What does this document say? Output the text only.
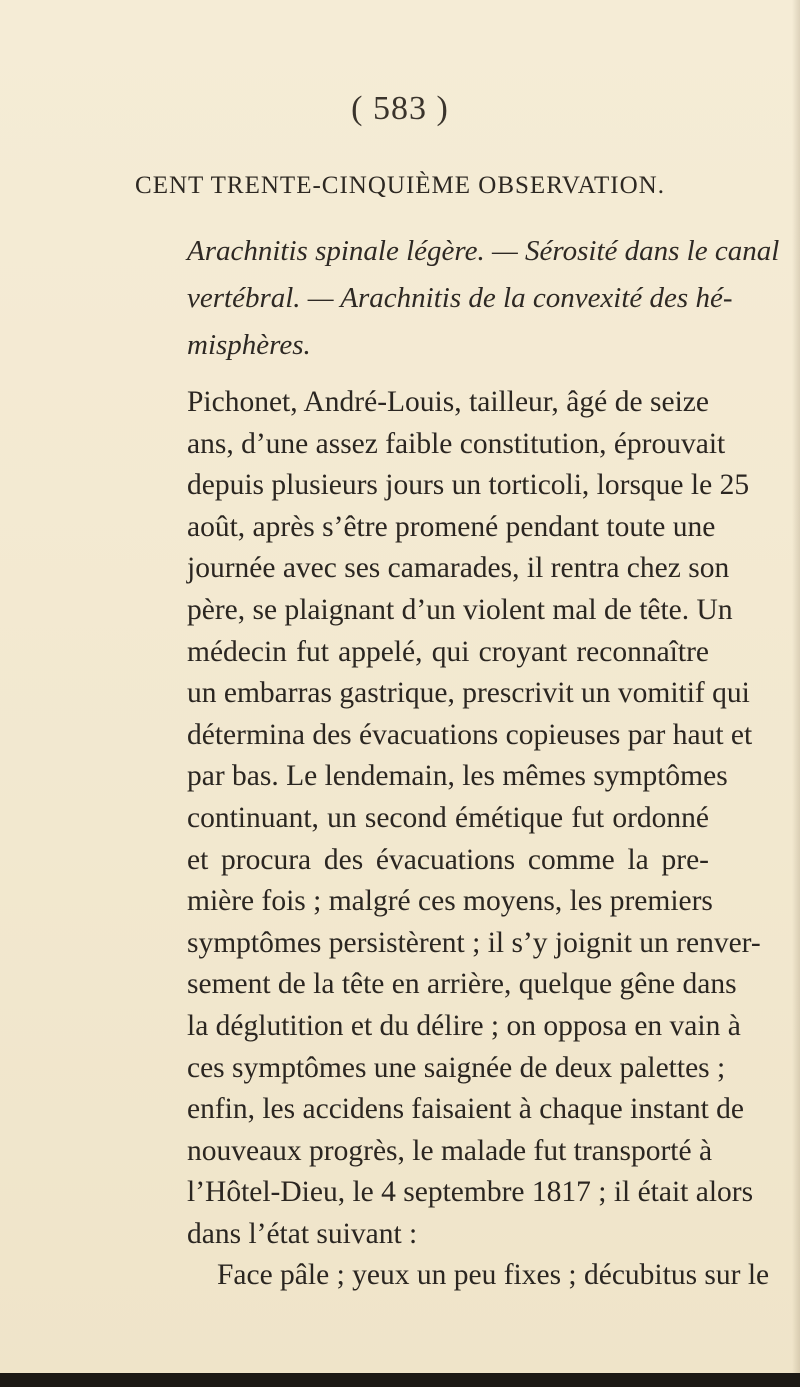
( 583 )
CENT TRENTE-CINQUIÈME OBSERVATION.
Arachnitis spinale légère. — Sérosité dans le canal
vertébral. — Arachnitis de la convexité des hé-
misphères.
Pichonet, André-Louis, tailleur, âgé de seize
ans, d’une assez faible constitution, éprouvait
depuis plusieurs jours un torticoli, lorsque le 25
août, après s’être promené pendant toute une
journée avec ses camarades, il rentra chez son
père, se plaignant d’un violent mal de tête. Un
médecin fut appelé, qui croyant reconnaître
un embarras gastrique, prescrivit un vomitif qui
détermina des évacuations copieuses par haut et
par bas. Le lendemain, les mêmes symptômes
continuant, un second émétique fut ordonné
et procura des évacuations comme la pre-
mière fois ; malgré ces moyens, les premiers
symptômes persistèrent ; il s’y joignit un renver-
sement de la tête en arrière, quelque gêne dans
la déglutition et du délire ; on opposa en vain à
ces symptômes une saignée de deux palettes ;
enfin, les accidens faisaient à chaque instant de
nouveaux progrès, le malade fut transporté à
l’Hôtel-Dieu, le 4 septembre 1817 ; il était alors
dans l’état suivant :
Face pâle ; yeux un peu fixes ; décubitus sur le
